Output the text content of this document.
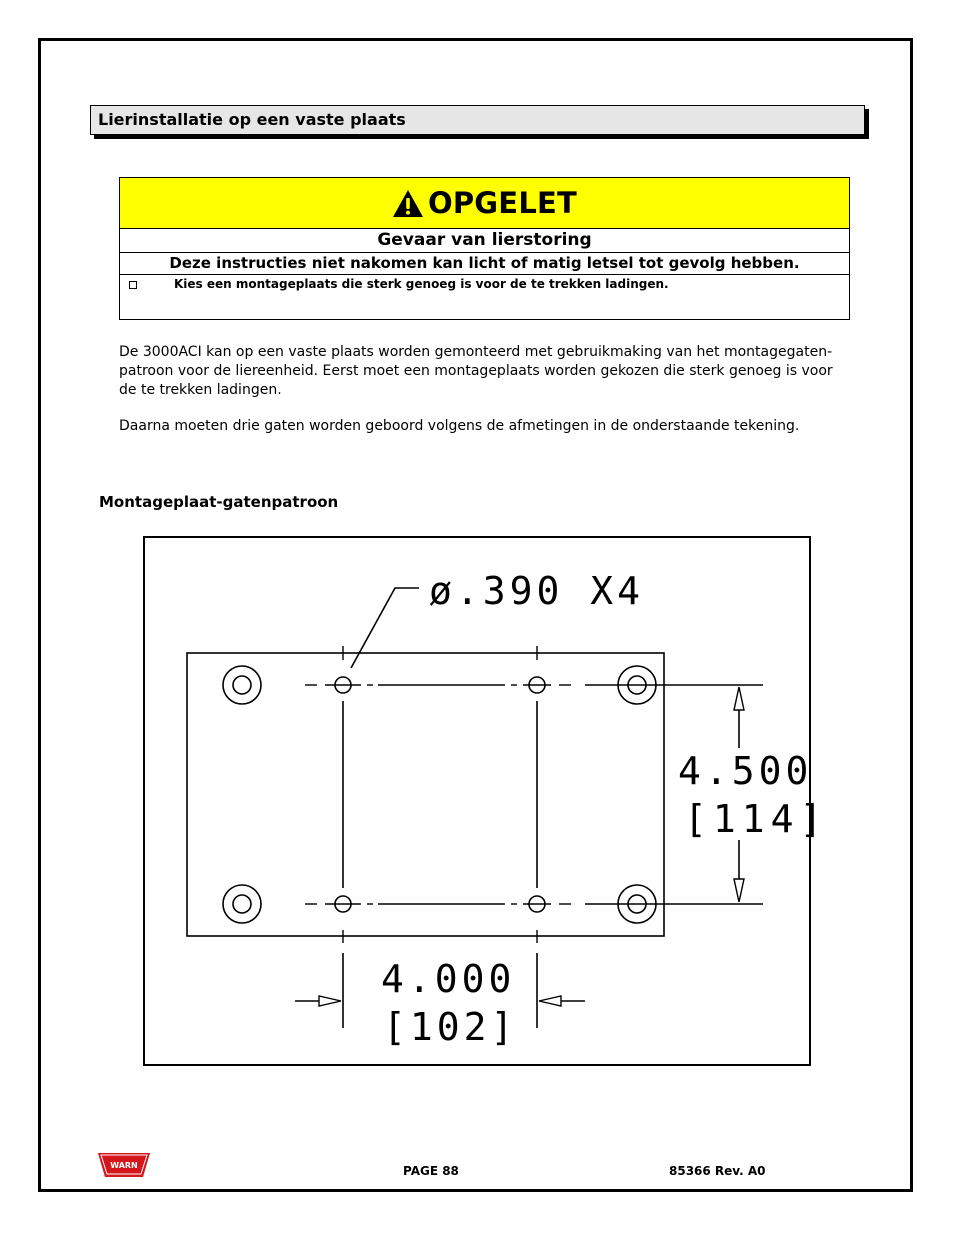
Lierinstallatie op een vaste plaats
OPGELET
Gevaar van lierstoring
Deze instructies niet nakomen kan licht of matig letsel tot gevolg hebben.
Kies een montageplaats die sterk genoeg is voor de te trekken ladingen.
De 3000ACI kan op een vaste plaats worden gemonteerd met gebruikmaking van het montagegaten-patroon voor de liereenheid. Eerst moet een montageplaats worden gekozen die sterk genoeg is voor de te trekken ladingen.
Daarna moeten drie gaten worden geboord volgens de afmetingen in de onderstaande tekening.
Montageplaat-gatenpatroon
ø.390 X4
4.500
[114]
4.000
[102]
WARN	PAGE 88	85366 Rev. A0
